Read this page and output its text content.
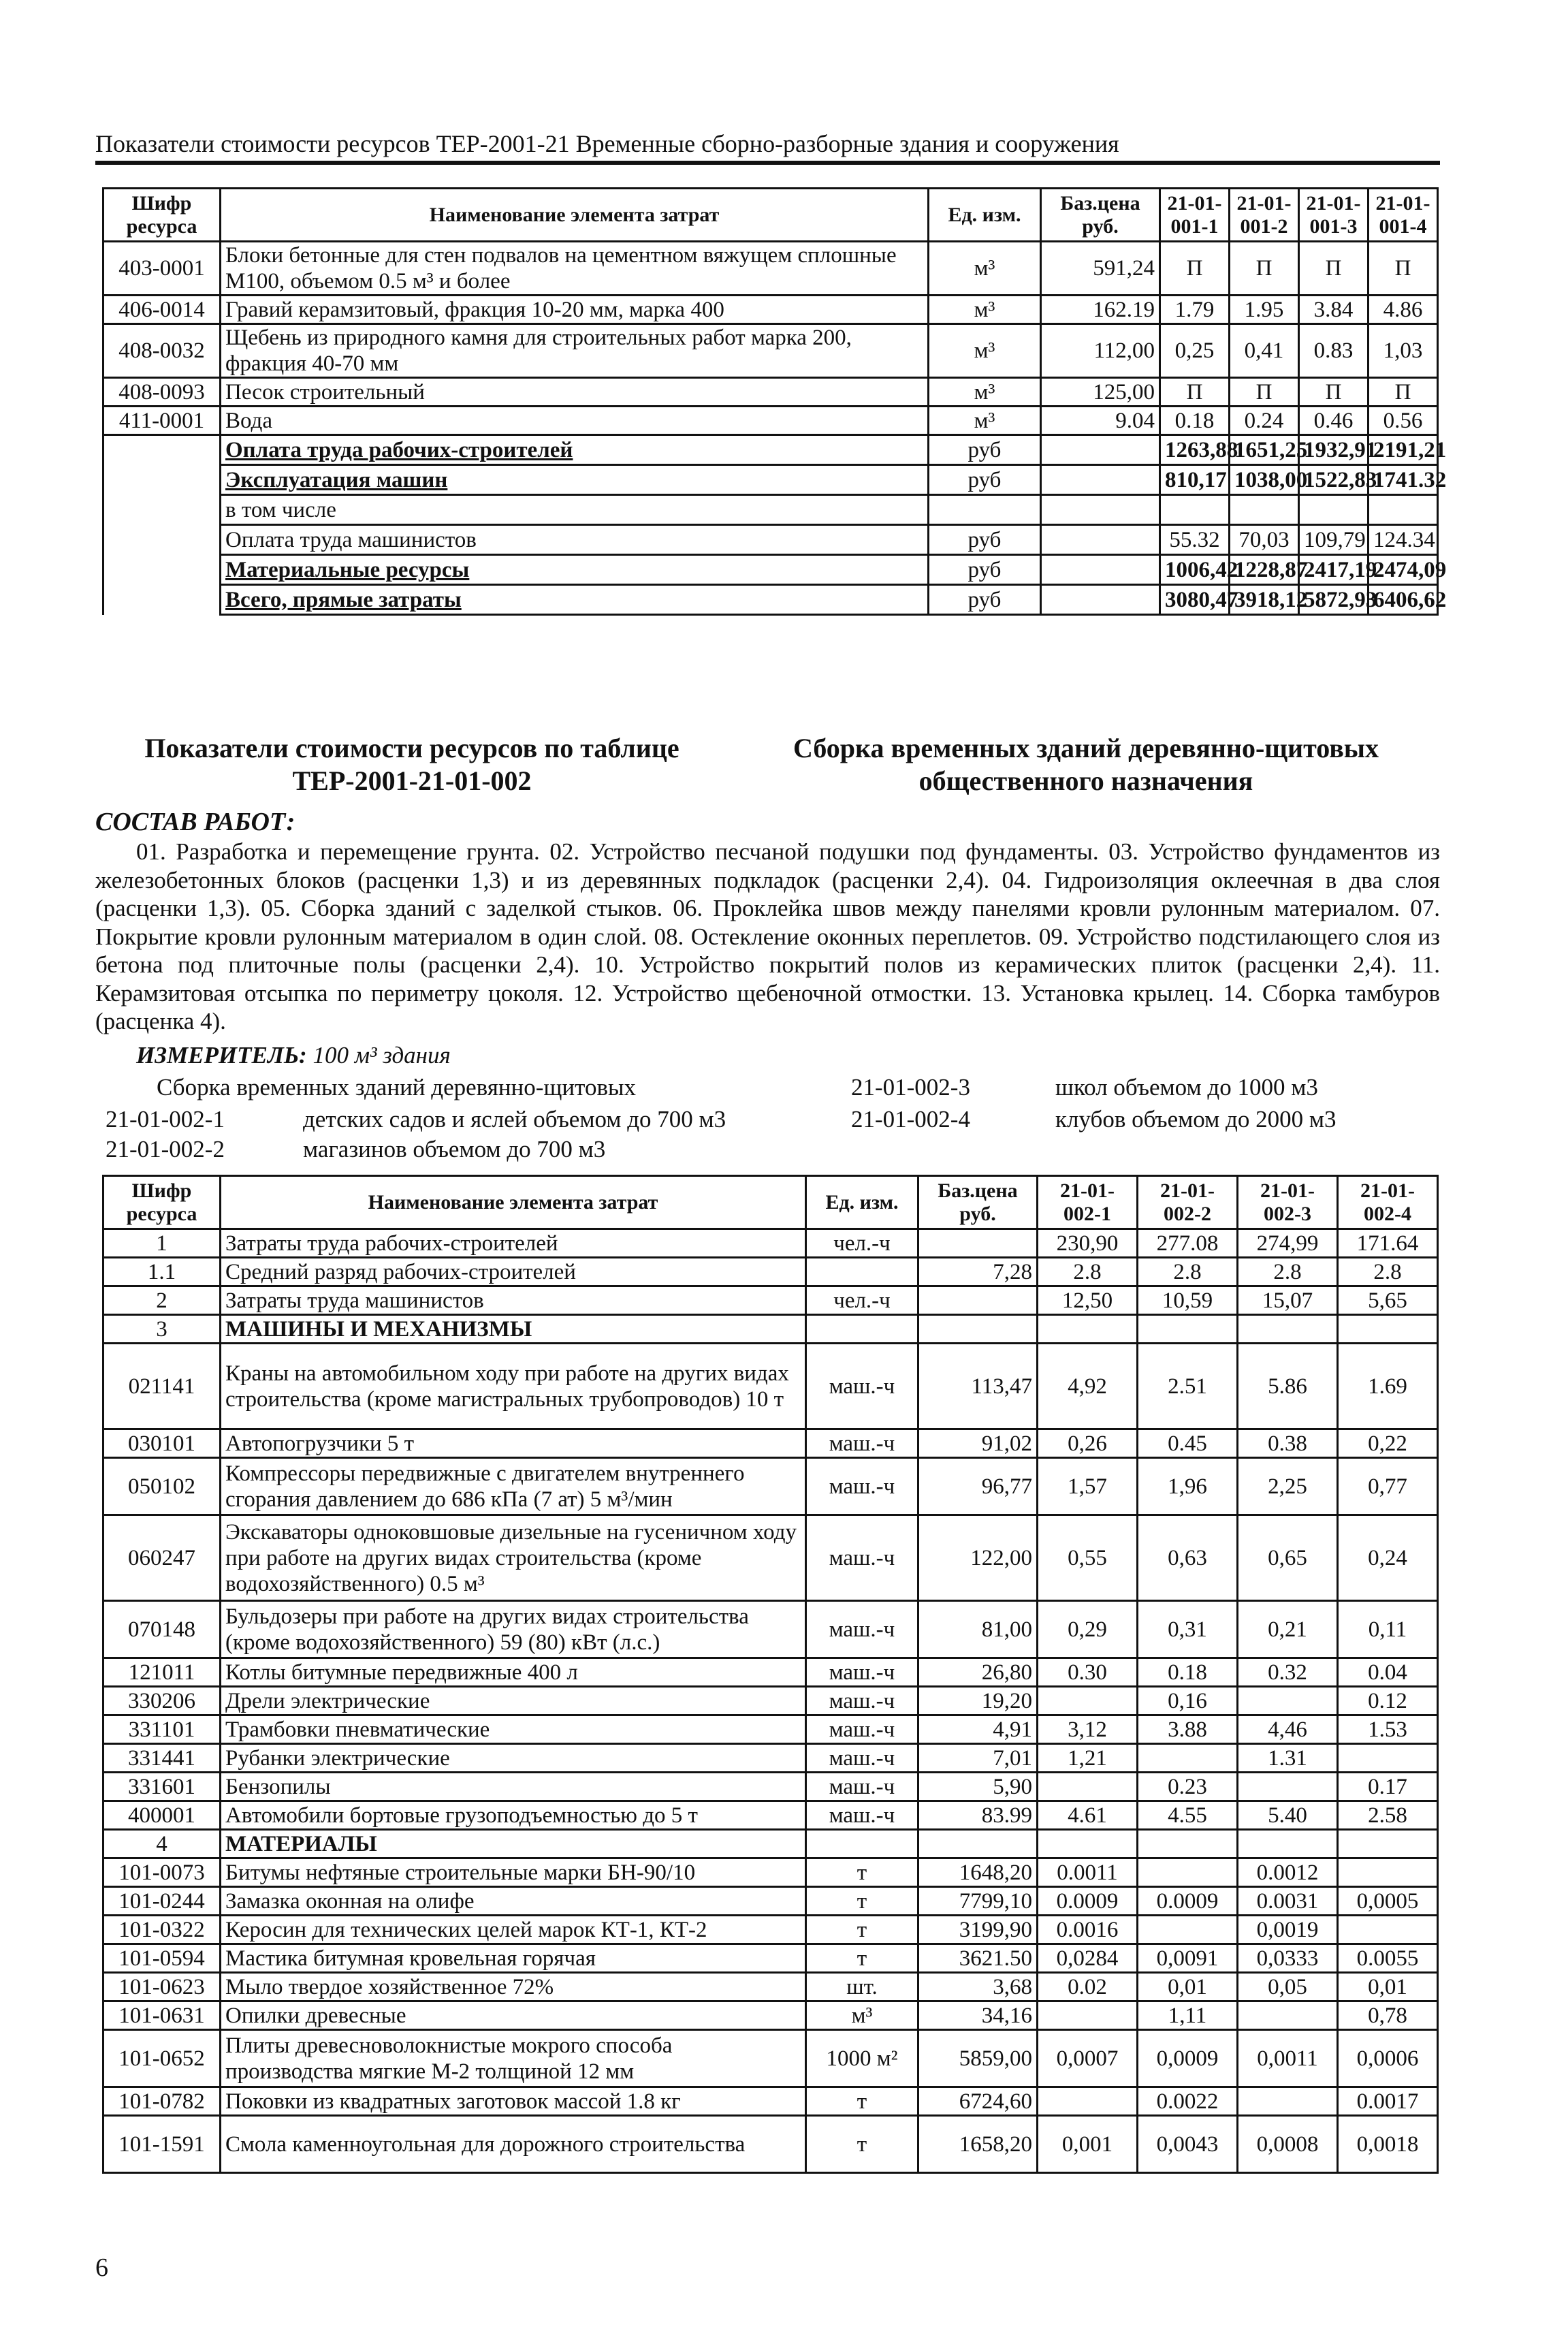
Показатели стоимости ресурсов ТЕР-2001-21 Временные сборно-разборные здания и сооружения
Шифр ресурса	Наименование элемента затрат	Ед. изм.	Баз.цена руб.	21-01-001-1	21-01-001-2	21-01-001-3	21-01-001-4
403-0001	Блоки бетонные для стен подвалов на цементном вяжущем сплошные М100, объемом 0.5 м³ и более	м³	591,24	П	П	П	П
406-0014	Гравий керамзитовый, фракция 10-20 мм, марка 400	м³	162.19	1.79	1.95	3.84	4.86
408-0032	Щебень из природного камня для строительных работ марка 200, фракция 40-70 мм	м³	112,00	0,25	0,41	0.83	1,03
408-0093	Песок строительный	м³	125,00	П	П	П	П
411-0001	Вода	м³	9.04	0.18	0.24	0.46	0.56
	Оплата труда рабочих-строителей	руб		1263,88	1651,25	1932,91	2191,21
	Эксплуатация машин	руб		810,17	1038,00	1522,83	1741.32
	в том числе						
	Оплата труда машинистов	руб		55.32	70,03	109,79	124.34
	Материальные ресурсы	руб		1006,42	1228,87	2417,19	2474,09
	Всего, прямые затраты	руб		3080,47	3918,12	5872,93	6406,62
Показатели стоимости ресурсов по таблице ТЕР-2001-21-01-002
Сборка временных зданий деревянно-щитовых общественного назначения
СОСТАВ РАБОТ:
01. Разработка и перемещение грунта. 02. Устройство песчаной подушки под фундаменты. 03. Устройство фундаментов из железобетонных блоков (расценки 1,3) и из деревянных подкладок (расценки 2,4). 04. Гидроизоляция оклеечная в два слоя (расценки 1,3). 05. Сборка зданий с заделкой стыков. 06. Проклейка швов между панелями кровли рулонным материалом. 07. Покрытие кровли рулонным материалом в один слой. 08. Остекление оконных переплетов. 09. Устройство подстилающего слоя из бетона под плиточные полы (расценки 2,4). 10. Устройство покрытий полов из керамических плиток (расценки 2,4). 11. Керамзитовая отсыпка по периметру цоколя. 12. Устройство щебеночной отмостки. 13. Установка крылец. 14. Сборка тамбуров (расценка 4).
ИЗМЕРИТЕЛЬ: 100 м³ здания
Сборка временных зданий деревянно-щитовых
21-01-002-1	детских садов и яслей объемом до 700 м3
21-01-002-2	магазинов объемом до 700 м3
21-01-002-3	школ объемом до 1000 м3
21-01-002-4	клубов объемом до 2000 м3
Шифр ресурса	Наименование элемента затрат	Ед. изм.	Баз.цена руб.	21-01-002-1	21-01-002-2	21-01-002-3	21-01-002-4
1	Затраты труда рабочих-строителей	чел.-ч		230,90	277.08	274,99	171.64
1.1	Средний разряд рабочих-строителей		7,28	2.8	2.8	2.8	2.8
2	Затраты труда машинистов	чел.-ч		12,50	10,59	15,07	5,65
3	МАШИНЫ И МЕХАНИЗМЫ						
021141	Краны на автомобильном ходу при работе на других видах строительства (кроме магистральных трубопроводов) 10 т	маш.-ч	113,47	4,92	2.51	5.86	1.69
030101	Автопогрузчики 5 т	маш.-ч	91,02	0,26	0.45	0.38	0,22
050102	Компрессоры передвижные с двигателем внутреннего сгорания давлением до 686 кПа (7 ат) 5 м³/мин	маш.-ч	96,77	1,57	1,96	2,25	0,77
060247	Экскаваторы одноковшовые дизельные на гусеничном ходу при работе на других видах строительства (кроме водохозяйственного) 0.5 м³	маш.-ч	122,00	0,55	0,63	0,65	0,24
070148	Бульдозеры при работе на других видах строительства (кроме водохозяйственного) 59 (80) кВт (л.с.)	маш.-ч	81,00	0,29	0,31	0,21	0,11
121011	Котлы битумные передвижные 400 л	маш.-ч	26,80	0.30	0.18	0.32	0.04
330206	Дрели электрические	маш.-ч	19,20		0,16		0.12
331101	Трамбовки пневматические	маш.-ч	4,91	3,12	3.88	4,46	1.53
331441	Рубанки электрические	маш.-ч	7,01	1,21		1.31	
331601	Бензопилы	маш.-ч	5,90		0.23		0.17
400001	Автомобили бортовые грузоподъемностью до 5 т	маш.-ч	83.99	4.61	4.55	5.40	2.58
4	МАТЕРИАЛЫ						
101-0073	Битумы нефтяные строительные марки БН-90/10	т	1648,20	0.0011		0.0012	
101-0244	Замазка оконная на олифе	т	7799,10	0.0009	0.0009	0.0031	0,0005
101-0322	Керосин для технических целей марок КТ-1, КТ-2	т	3199,90	0.0016		0,0019	
101-0594	Мастика битумная кровельная горячая	т	3621.50	0,0284	0,0091	0,0333	0.0055
101-0623	Мыло твердое хозяйственное 72%	шт.	3,68	0.02	0,01	0,05	0,01
101-0631	Опилки древесные	м³	34,16		1,11		0,78
101-0652	Плиты древесноволокнистые мокрого способа производства мягкие М-2 толщиной 12 мм	1000 м²	5859,00	0,0007	0,0009	0,0011	0,0006
101-0782	Поковки из квадратных заготовок массой 1.8 кг	т	6724,60		0.0022		0.0017
101-1591	Смола каменноугольная для дорожного строительства	т	1658,20	0,001	0,0043	0,0008	0,0018
6
